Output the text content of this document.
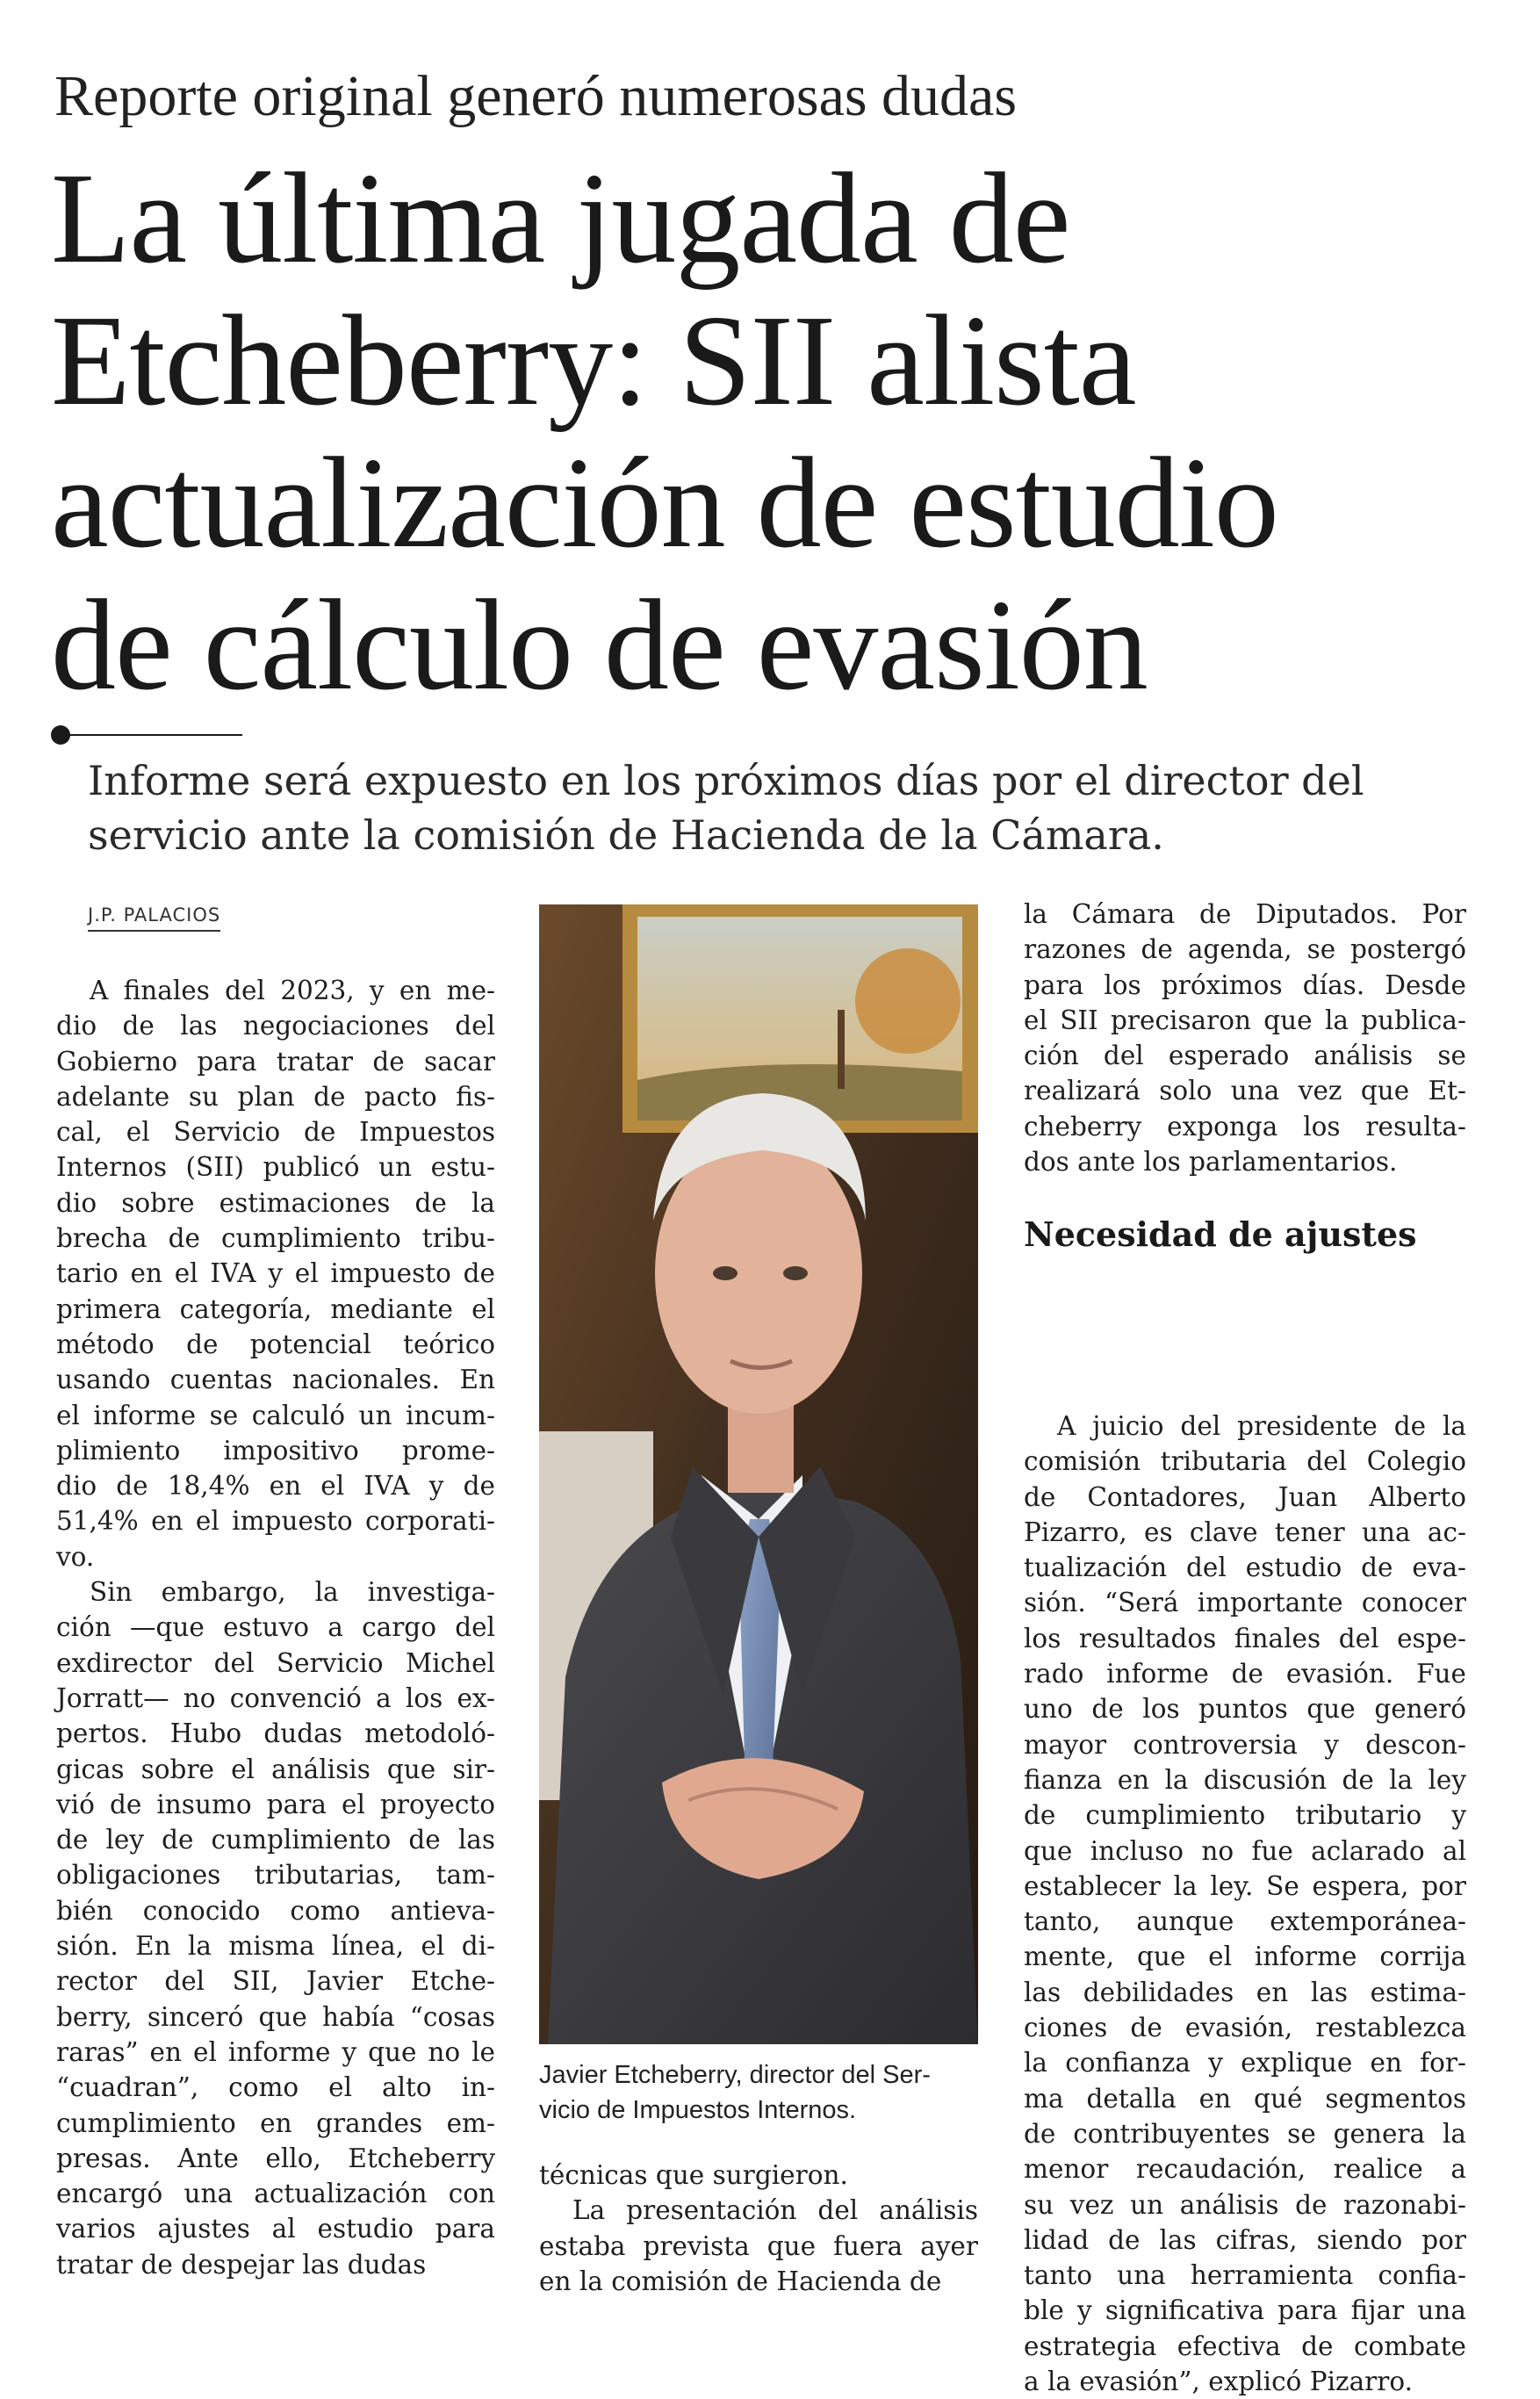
Reporte original generó numerosas dudas
La última jugada de
Etcheberry: SII alista
actualización de estudio
de cálculo de evasión
Informe será expuesto en los próximos días por el director del
servicio ante la comisión de Hacienda de la Cámara.
J.P. PALACIOS
A finales del 2023, y en me-
dio de las negociaciones del
Gobierno para tratar de sacar
adelante su plan de pacto fis-
cal, el Servicio de Impuestos
Internos (SII) publicó un estu-
dio sobre estimaciones de la
brecha de cumplimiento tribu-
tario en el IVA y el impuesto de
primera categoría, mediante el
método de potencial teórico
usando cuentas nacionales. En
el informe se calculó un incum-
plimiento impositivo prome-
dio de 18,4% en el IVA y de
51,4% en el impuesto corporati-
vo.
Sin embargo, la investiga-
ción —que estuvo a cargo del
exdirector del Servicio Michel
Jorratt— no convenció a los ex-
pertos. Hubo dudas metodoló-
gicas sobre el análisis que sir-
vió de insumo para el proyecto
de ley de cumplimiento de las
obligaciones tributarias, tam-
bién conocido como antieva-
sión. En la misma línea, el di-
rector del SII, Javier Etche-
berry, sinceró que había “cosas
raras” en el informe y que no le
“cuadran”, como el alto in-
cumplimiento en grandes em-
presas. Ante ello, Etcheberry
encargó una actualización con
varios ajustes al estudio para
tratar de despejar las dudas
Javier Etcheberry, director del Ser-
vicio de Impuestos Internos.
técnicas que surgieron.
La presentación del análisis
estaba prevista que fuera ayer
en la comisión de Hacienda de
la Cámara de Diputados. Por
razones de agenda, se postergó
para los próximos días. Desde
el SII precisaron que la publica-
ción del esperado análisis se
realizará solo una vez que Et-
cheberry exponga los resulta-
dos ante los parlamentarios.
Necesidad de ajustes
A juicio del presidente de la
comisión tributaria del Colegio
de Contadores, Juan Alberto
Pizarro, es clave tener una ac-
tualización del estudio de eva-
sión. “Será importante conocer
los resultados finales del espe-
rado informe de evasión. Fue
uno de los puntos que generó
mayor controversia y descon-
fianza en la discusión de la ley
de cumplimiento tributario y
que incluso no fue aclarado al
establecer la ley. Se espera, por
tanto, aunque extemporánea-
mente, que el informe corrija
las debilidades en las estima-
ciones de evasión, restablezca
la confianza y explique en for-
ma detalla en qué segmentos
de contribuyentes se genera la
menor recaudación, realice a
su vez un análisis de razonabi-
lidad de las cifras, siendo por
tanto una herramienta confia-
ble y significativa para fijar una
estrategia efectiva de combate
a la evasión”, explicó Pizarro.
